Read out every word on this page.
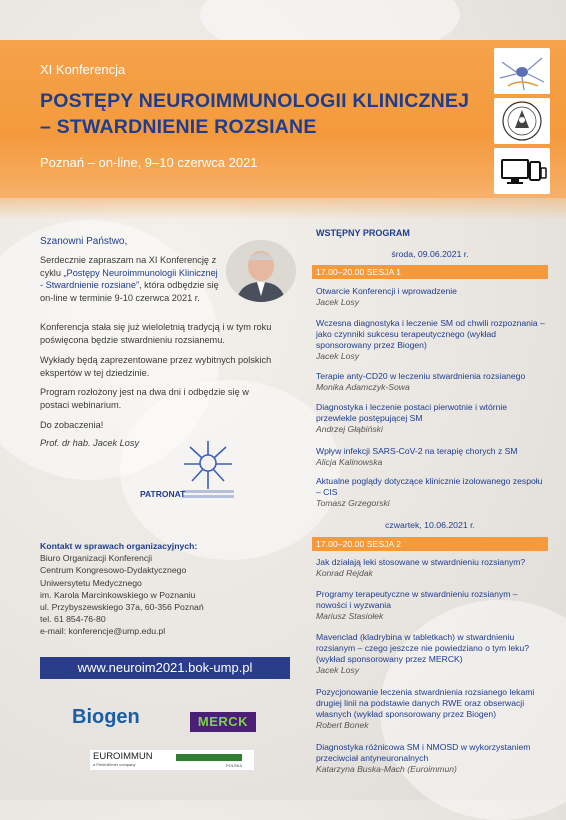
XI Konferencja
POSTĘPY NEUROIMMUNOLOGII KLINICZNEJ
– STWARDNIENIE ROZSIANE
Poznań – on-line, 9–10 czerwca 2021
Szanowni Państwo,
Serdecznie zapraszam na XI Konferencję z cyklu „Postępy Neuroimmunologii Klinicznej - Stwardnienie rozsiane”, która odbędzie się on-line w terminie 9-10 czerwca 2021 r.
Konferencja stała się już wieloletnią tradycją i w tym roku poświęcona będzie stwardnieniu rozsianemu.
Wykłady będą zaprezentowane przez wybitnych polskich ekspertów w tej dziedzinie.
Program rozłożony jest na dwa dni i odbędzie się w postaci webinarium.
Do zobaczenia!
Prof. dr hab. Jacek Losy
PATRONAT
Kontakt w sprawach organizacyjnych:
Biuro Organizacji Konferencji
Centrum Kongresowo-Dydaktycznego
Uniwersytetu Medycznego
im. Karola Marcinkowskiego w Poznaniu
ul. Przybyszewskiego 37a, 60-356 Poznań
tel. 61 854-76-80
e-mail: konferencje@ump.edu.pl
www.neuroim2021.bok-ump.pl
Biogen	MERCK
EUROIMMUN
a PerkinElmer company	POLSKA
WSTĘPNY PROGRAM
środa, 09.06.2021 r.
17.00–20.00 SESJA 1
Otwarcie Konferencji i wprowadzenie
Jacek Losy
Wczesna diagnostyka i leczenie SM od chwili rozpoznania – jako czynniki sukcesu terapeutycznego (wykład sponsorowany przez Biogen)
Jacek Losy
Terapie anty-CD20 w leczeniu stwardnienia rozsianego
Monika Adamczyk-Sowa
Diagnostyka i leczenie postaci pierwotnie i wtórnie przewlekle postępującej SM
Andrzej Głąbiński
Wpływ infekcji SARS-CoV-2 na terapię chorych z SM
Alicja Kalinowska
Aktualne poglądy dotyczące klinicznie izolowanego zespołu – CIS
Tomasz Grzegorski
czwartek, 10.06.2021 r.
17.00–20.00 SESJA 2
Jak działają leki stosowane w stwardnieniu rozsianym?
Konrad Rejdak
Programy terapeutyczne w stwardnieniu rozsianym – nowości i wyzwania
Mariusz Stasiołek
Mavenclad (kladrybina w tabletkach) w stwardnieniu rozsianym – czego jeszcze nie powiedziano o tym leku? (wykład sponsorowany przez MERCK)
Jacek Losy
Pozycjonowanie leczenia stwardnienia rozsianego lekami drugiej linii na podstawie danych RWE oraz obserwacji własnych (wykład sponsorowany przez Biogen)
Robert Bonek
Diagnostyka różnicowa SM i NMOSD w wykorzystaniem przeciwciał antyneuronalnych
Katarzyna Buska-Mach (Euroimmun)
